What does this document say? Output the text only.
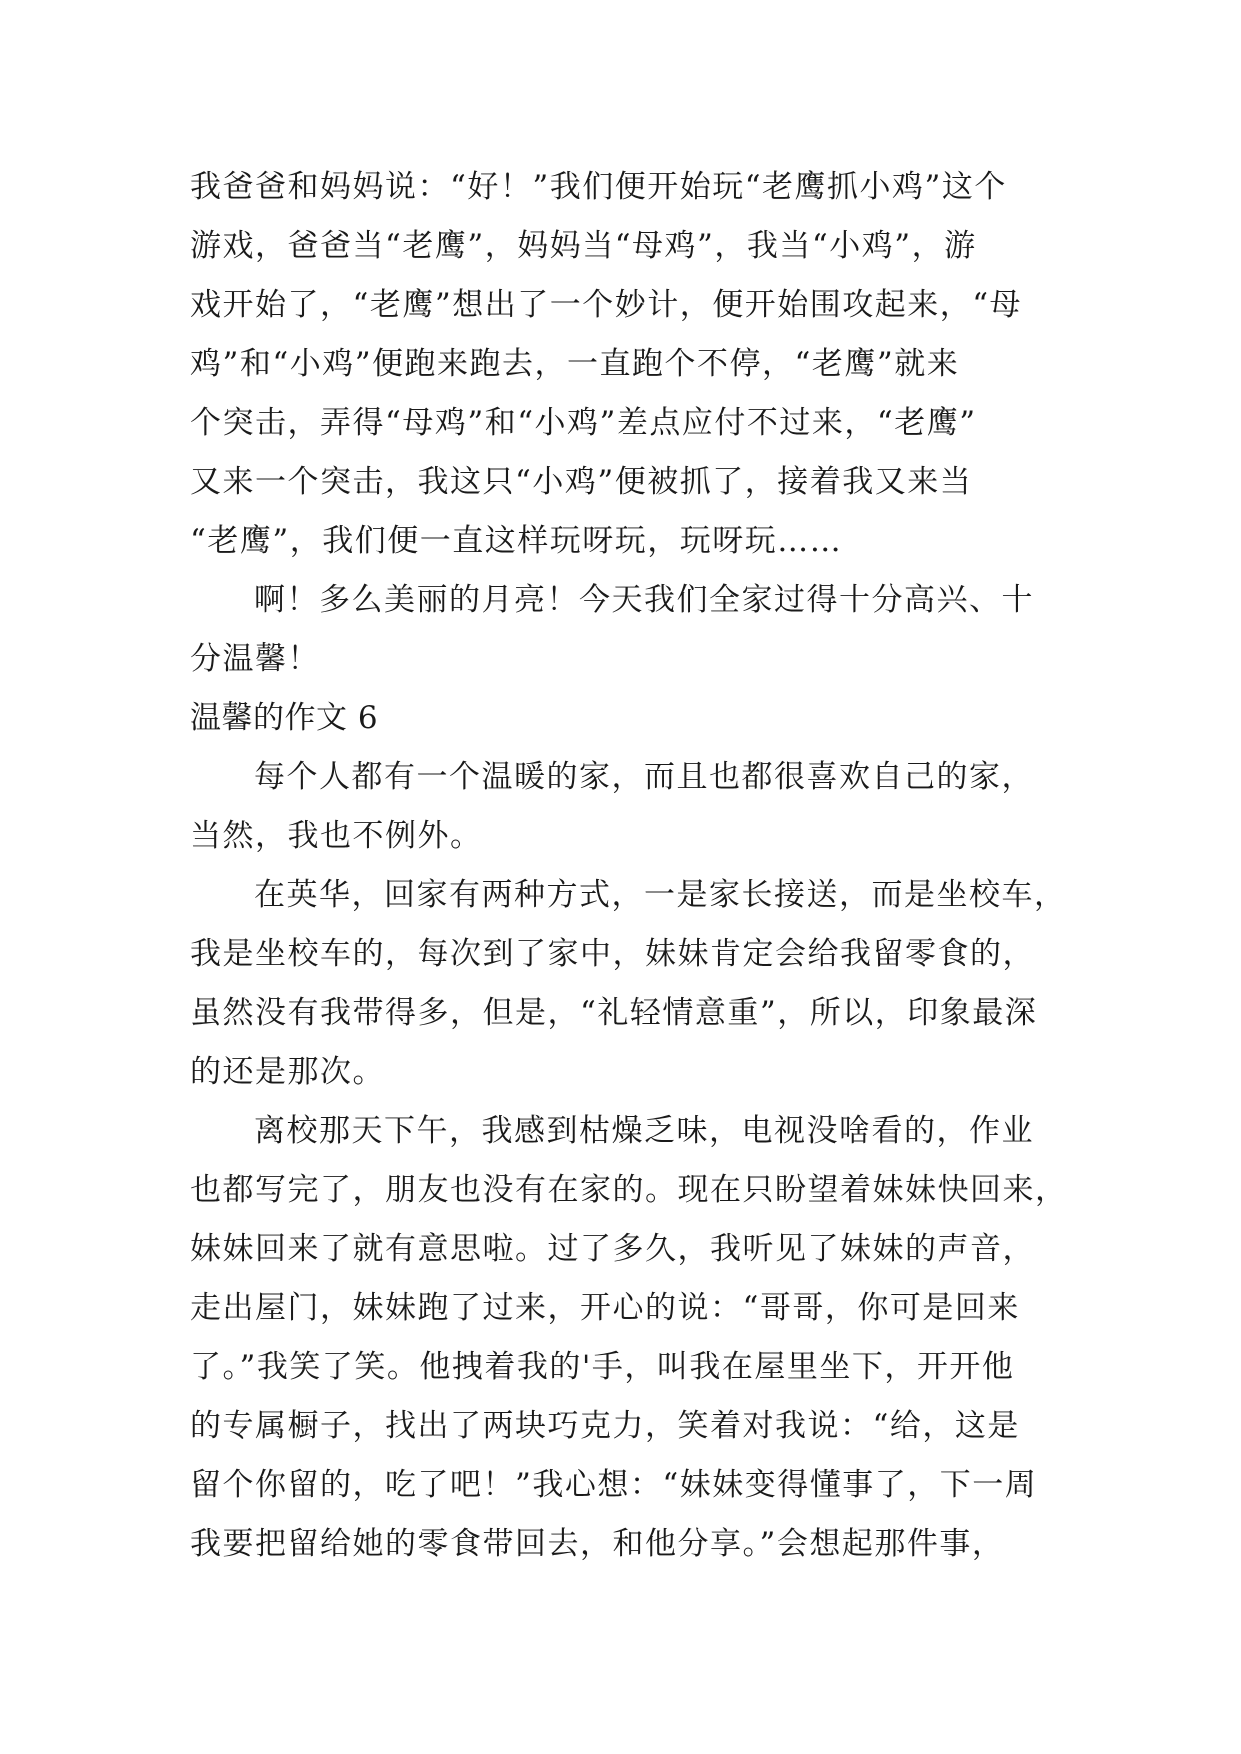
我爸爸和妈妈说：“好！”我们便开始玩“老鹰抓小鸡”这个
游戏，爸爸当“老鹰”，妈妈当“母鸡”，我当“小鸡”，游
戏开始了，“老鹰”想出了一个妙计，便开始围攻起来，“母
鸡”和“小鸡”便跑来跑去，一直跑个不停，“老鹰”就来
个突击，弄得“母鸡”和“小鸡”差点应付不过来，“老鹰”
又来一个突击，我这只“小鸡”便被抓了，接着我又来当
“老鹰”，我们便一直这样玩呀玩，玩呀玩……
啊！多么美丽的月亮！今天我们全家过得十分高兴、十
分温馨！
温馨的作文 6
每个人都有一个温暖的家，而且也都很喜欢自己的家，
当然，我也不例外。
在英华，回家有两种方式，一是家长接送，而是坐校车，
我是坐校车的，每次到了家中，妹妹肯定会给我留零食的，
虽然没有我带得多，但是，“礼轻情意重”，所以，印象最深
的还是那次。
离校那天下午，我感到枯燥乏味，电视没啥看的，作业
也都写完了，朋友也没有在家的。现在只盼望着妹妹快回来，
妹妹回来了就有意思啦。过了多久，我听见了妹妹的声音，
走出屋门，妹妹跑了过来，开心的说：“哥哥，你可是回来
了。”我笑了笑。他拽着我的'手，叫我在屋里坐下，开开他
的专属橱子，找出了两块巧克力，笑着对我说：“给，这是
留个你留的，吃了吧！”我心想：“妹妹变得懂事了，下一周
我要把留给她的零食带回去，和他分享。”会想起那件事，
